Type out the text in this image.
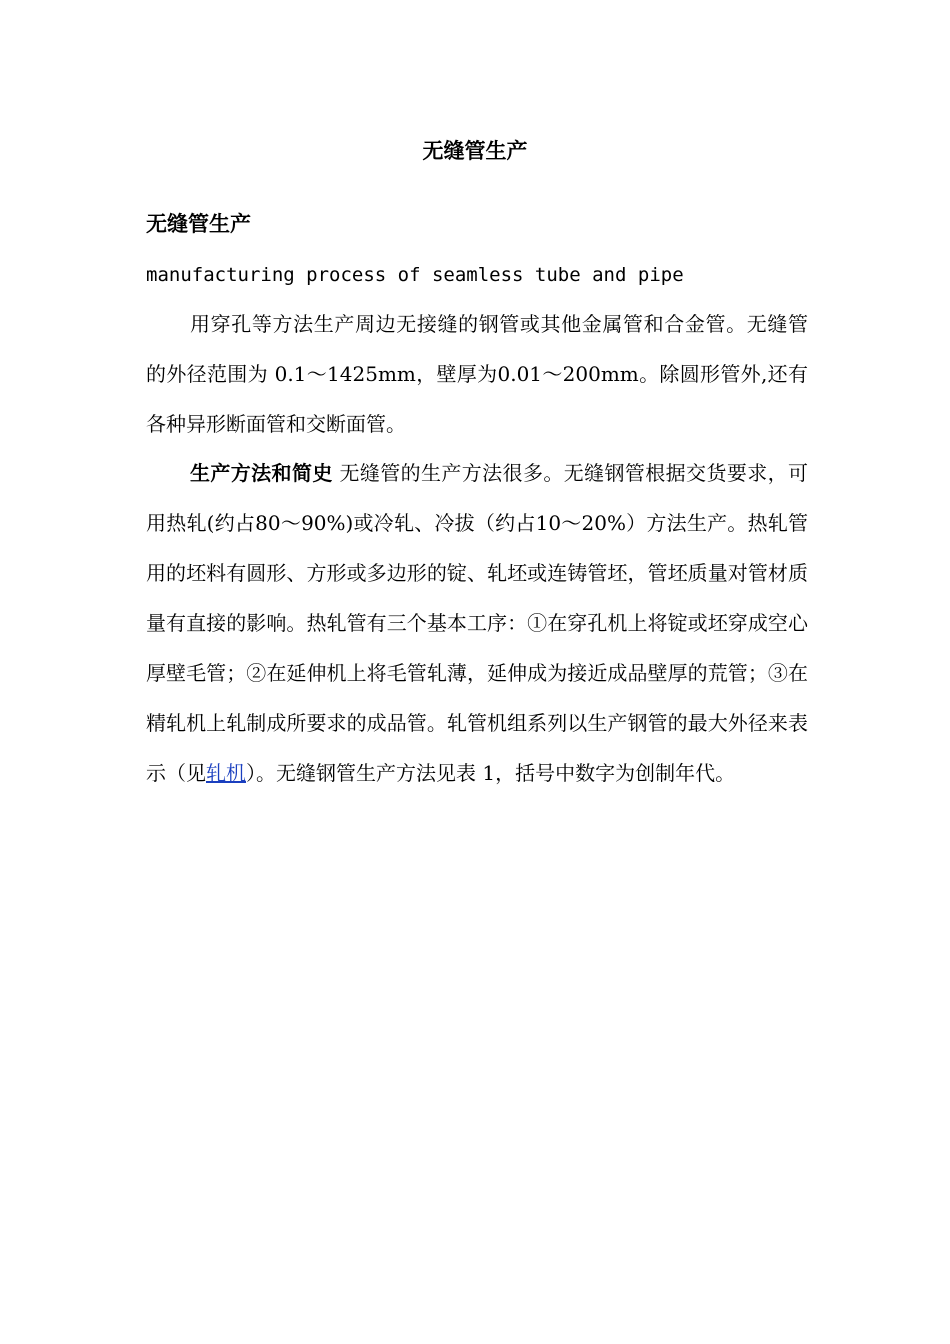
无缝管生产
无缝管生产

manufacturing process of seamless tube and pipe

用穿孔等方法生产周边无接缝的钢管或其他金属管和合金管。无缝管的外径范围为 0.1～1425mm，壁厚为0.01～200mm。除圆形管外,还有各种异形断面管和交断面管。

生产方法和简史 无缝管的生产方法很多。无缝钢管根据交货要求，可用热轧(约占80～90%)或冷轧、冷拔（约占10～20%）方法生产。热轧管用的坯料有圆形、方形或多边形的锭、轧坯或连铸管坯，管坯质量对管材质量有直接的影响。热轧管有三个基本工序：①在穿孔机上将锭或坯穿成空心厚壁毛管；②在延伸机上将毛管轧薄，延伸成为接近成品壁厚的荒管；③在精轧机上轧制成所要求的成品管。轧管机组系列以生产钢管的最大外径来表示（见轧机）。无缝钢管生产方法见表 1，括号中数字为创制年代。
